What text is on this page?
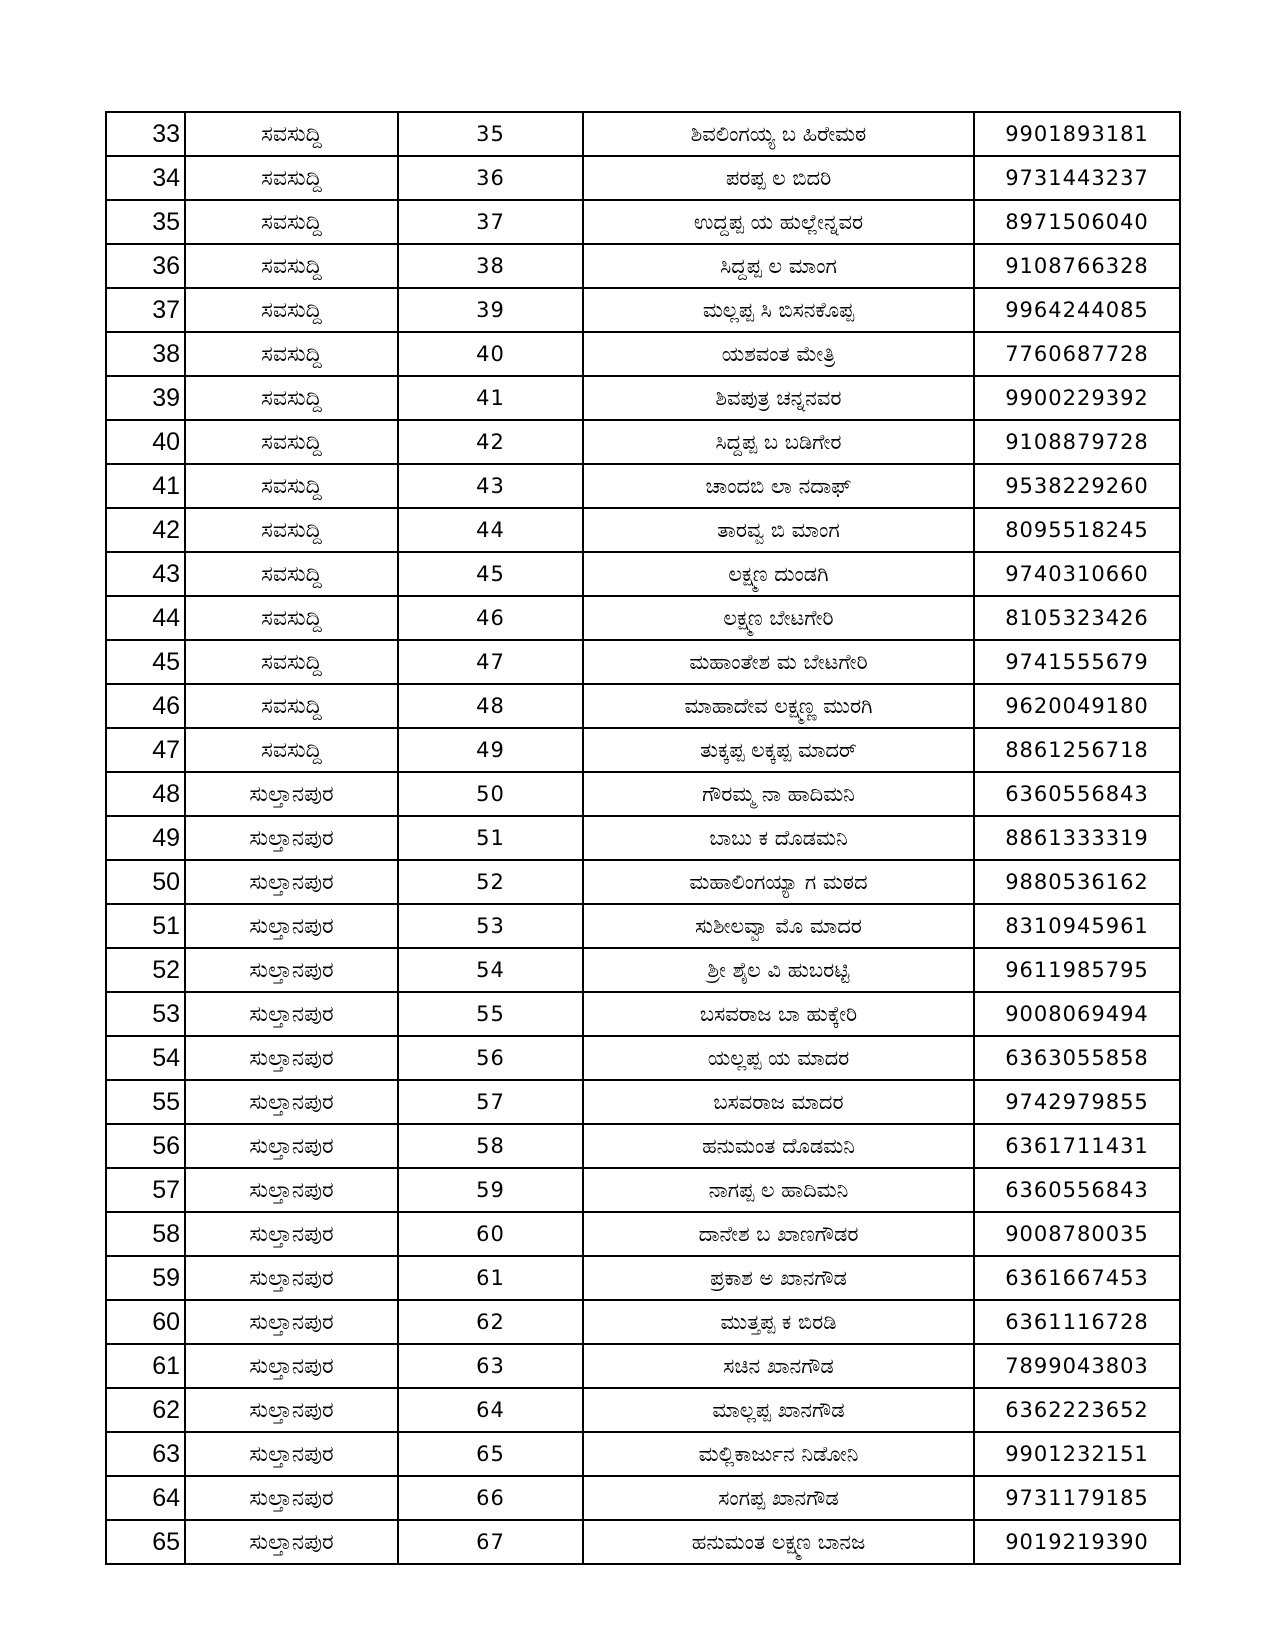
33	ಸವಸುದ್ದಿ	35	ಶಿವಲಿಂಗಯ್ಯ ಬ ಹಿರೇಮಠ	9901893181
34	ಸವಸುದ್ದಿ	36	ಪರಪ್ಪ ಲ ಬಿದರಿ	9731443237
35	ಸವಸುದ್ದಿ	37	ಉದ್ದಪ್ಪ ಯ ಹುಲ್ಲೇನ್ನವರ	8971506040
36	ಸವಸುದ್ದಿ	38	ಸಿದ್ದಪ್ಪ ಲ ಮಾಂಗ	9108766328
37	ಸವಸುದ್ದಿ	39	ಮಲ್ಲಪ್ಪ ಸಿ ಬಿಸನಕೊಪ್ಪ	9964244085
38	ಸವಸುದ್ದಿ	40	ಯಶವಂತ ಮೇತ್ರಿ	7760687728
39	ಸವಸುದ್ದಿ	41	ಶಿವಪುತ್ರ ಚನ್ನನವರ	9900229392
40	ಸವಸುದ್ದಿ	42	ಸಿದ್ದಪ್ಪ ಬ ಬಡಿಗೇರ	9108879728
41	ಸವಸುದ್ದಿ	43	ಚಾಂದಬಿ ಲಾ ನದಾಫ್	9538229260
42	ಸವಸುದ್ದಿ	44	ತಾರವ್ವ ಬಿ ಮಾಂಗ	8095518245
43	ಸವಸುದ್ದಿ	45	ಲಕ್ಷ್ಮಣ ದುಂಡಗಿ	9740310660
44	ಸವಸುದ್ದಿ	46	ಲಕ್ಷ್ಮಣ ಬೇಟಗೇರಿ	8105323426
45	ಸವಸುದ್ದಿ	47	ಮಹಾಂತೇಶ ಮ ಬೇಟಗೇರಿ	9741555679
46	ಸವಸುದ್ದಿ	48	ಮಾಹಾದೇವ ಲಕ್ಷ್ಮಣ್ಣ ಮುರಗಿ	9620049180
47	ಸವಸುದ್ದಿ	49	ತುಕ್ಕಪ್ಪ ಲಕ್ಕಪ್ಪ ಮಾದರ್	8861256718
48	ಸುಲ್ತಾನಪುರ	50	ಗೌರಮ್ಮ ನಾ ಹಾದಿಮನಿ	6360556843
49	ಸುಲ್ತಾನಪುರ	51	ಬಾಬು ಕ ದೊಡಮನಿ	8861333319
50	ಸುಲ್ತಾನಪುರ	52	ಮಹಾಲಿಂಗಯ್ಯಾ ಗ ಮಠದ	9880536162
51	ಸುಲ್ತಾನಪುರ	53	ಸುಶೀಲವ್ವಾ ಮೊ ಮಾದರ	8310945961
52	ಸುಲ್ತಾನಪುರ	54	ಶ್ರೀ ಶೈಲ ವಿ ಹುಬರಟ್ಟಿ	9611985795
53	ಸುಲ್ತಾನಪುರ	55	ಬಸವರಾಜ ಬಾ ಹುಕ್ಕೇರಿ	9008069494
54	ಸುಲ್ತಾನಪುರ	56	ಯಲ್ಲಪ್ಪ ಯ ಮಾದರ	6363055858
55	ಸುಲ್ತಾನಪುರ	57	ಬಸವರಾಜ ಮಾದರ	9742979855
56	ಸುಲ್ತಾನಪುರ	58	ಹನುಮಂತ ದೊಡಮನಿ	6361711431
57	ಸುಲ್ತಾನಪುರ	59	ನಾಗಪ್ಪ ಲ ಹಾದಿಮನಿ	6360556843
58	ಸುಲ್ತಾನಪುರ	60	ದಾನೇಶ ಬ ಖಾಣಗೌಡರ	9008780035
59	ಸುಲ್ತಾನಪುರ	61	ಪ್ರಕಾಶ ಅ ಖಾನಗೌಡ	6361667453
60	ಸುಲ್ತಾನಪುರ	62	ಮುತ್ತಪ್ಪ ಕ ಬಿರಡಿ	6361116728
61	ಸುಲ್ತಾನಪುರ	63	ಸಚಿನ ಖಾನಗೌಡ	7899043803
62	ಸುಲ್ತಾನಪುರ	64	ಮಾಲ್ಲಪ್ಪ ಖಾನಗೌಡ	6362223652
63	ಸುಲ್ತಾನಪುರ	65	ಮಲ್ಲಿಕಾರ್ಜುನ ನಿಡೋನಿ	9901232151
64	ಸುಲ್ತಾನಪುರ	66	ಸಂಗಪ್ಪ ಖಾನಗೌಡ	9731179185
65	ಸುಲ್ತಾನಪುರ	67	ಹನುಮಂತ ಲಕ್ಷ್ಮಣ ಬಾನಜ	9019219390
